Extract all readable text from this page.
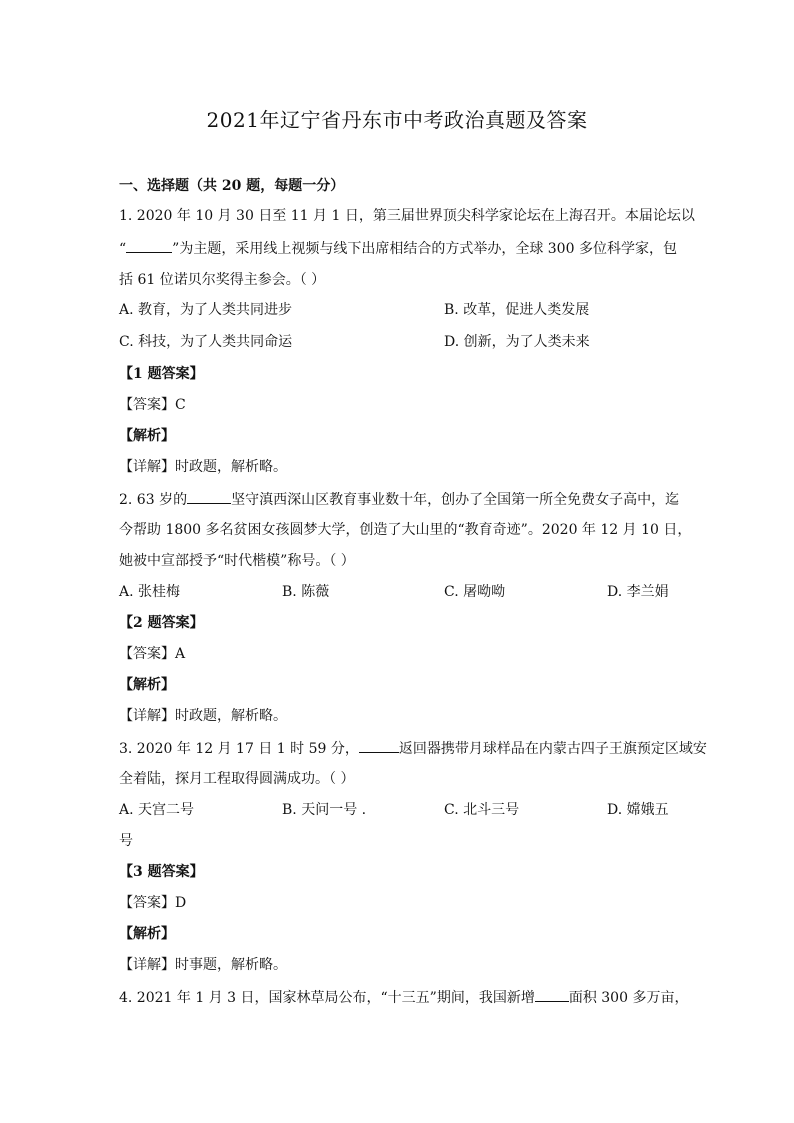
2021年辽宁省丹东市中考政治真题及答案
一、选择题（共 20 题，每题一分）
1. 2020 年 10 月 30 日至 11 月 1 日，第三届世界顶尖科学家论坛在上海召开。本届论坛以
“	”为主题，采用线上视频与线下出席相结合的方式举办，全球 300 多位科学家，包
括 61 位诺贝尔奖得主参会。（ ）
A. 教育，为了人类共同进步	B. 改革，促进人类发展
C. 科技，为了人类共同命运	D. 创新，为了人类未来
【1 题答案】
【答案】C
【解析】
【详解】时政题，解析略。
2. 63 岁的	坚守滇西深山区教育事业数十年，创办了全国第一所全免费女子高中，迄
今帮助 1800 多名贫困女孩圆梦大学，创造了大山里的“教育奇迹”。2020 年 12 月 10 日，
她被中宣部授予“时代楷模”称号。（ ）
A. 张桂梅	B. 陈薇	C. 屠呦呦	D. 李兰娟
【2 题答案】
【答案】A
【解析】
【详解】时政题，解析略。
3. 2020 年 12 月 17 日 1 时 59 分，	返回器携带月球样品在内蒙古四子王旗预定区域安
全着陆，探月工程取得圆满成功。（ ）
A. 天宫二号	B. 天问一号 .	C. 北斗三号	D. 嫦娥五
号
【3 题答案】
【答案】D
【解析】
【详解】时事题，解析略。
4. 2021 年 1 月 3 日，国家林草局公布，“十三五”期间，我国新增 面积 300 多万亩，
